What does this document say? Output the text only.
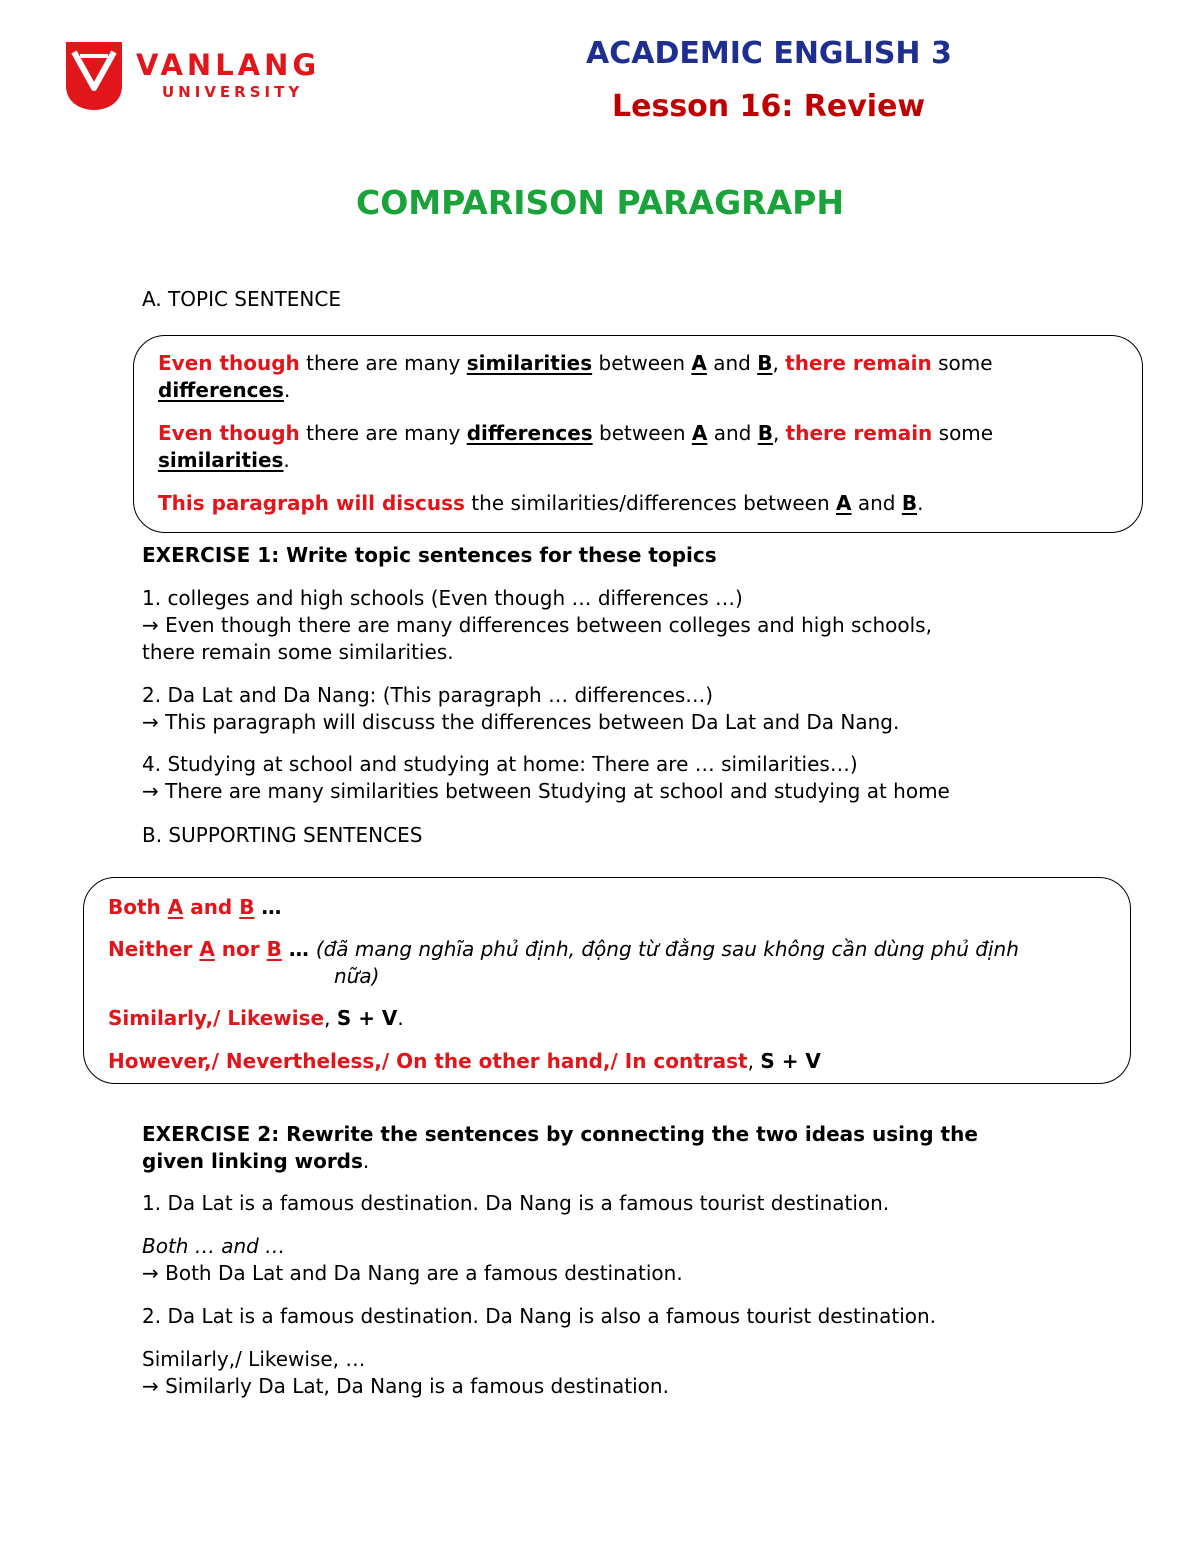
VANLANG
UNIVERSITY
ACADEMIC ENGLISH 3
Lesson 16: Review
COMPARISON PARAGRAPH
A. TOPIC SENTENCE
Even though there are many similarities between A and B, there remain some
differences.
Even though there are many differences between A and B, there remain some
similarities.
This paragraph will discuss the similarities/differences between A and B.
EXERCISE 1: Write topic sentences for these topics
1. colleges and high schools (Even though … differences …)
→ Even though there are many differences between colleges and high schools,
there remain some similarities.
2. Da Lat and Da Nang: (This paragraph … differences…)
→ This paragraph will discuss the differences between Da Lat and Da Nang.
4. Studying at school and studying at home: There are … similarities…)
→ There are many similarities between Studying at school and studying at home
B. SUPPORTING SENTENCES
Both A and B …
Neither A nor B … (đã mang nghĩa phủ định, động từ đằng sau không cần dùng phủ định
nữa)
Similarly,/ Likewise, S + V.
However,/ Nevertheless,/ On the other hand,/ In contrast, S + V
EXERCISE 2: Rewrite the sentences by connecting the two ideas using the
given linking words.
1. Da Lat is a famous destination. Da Nang is a famous tourist destination.
Both … and …
→ Both Da Lat and Da Nang are a famous destination.
2. Da Lat is a famous destination. Da Nang is also a famous tourist destination.
Similarly,/ Likewise, …
→ Similarly Da Lat, Da Nang is a famous destination.
